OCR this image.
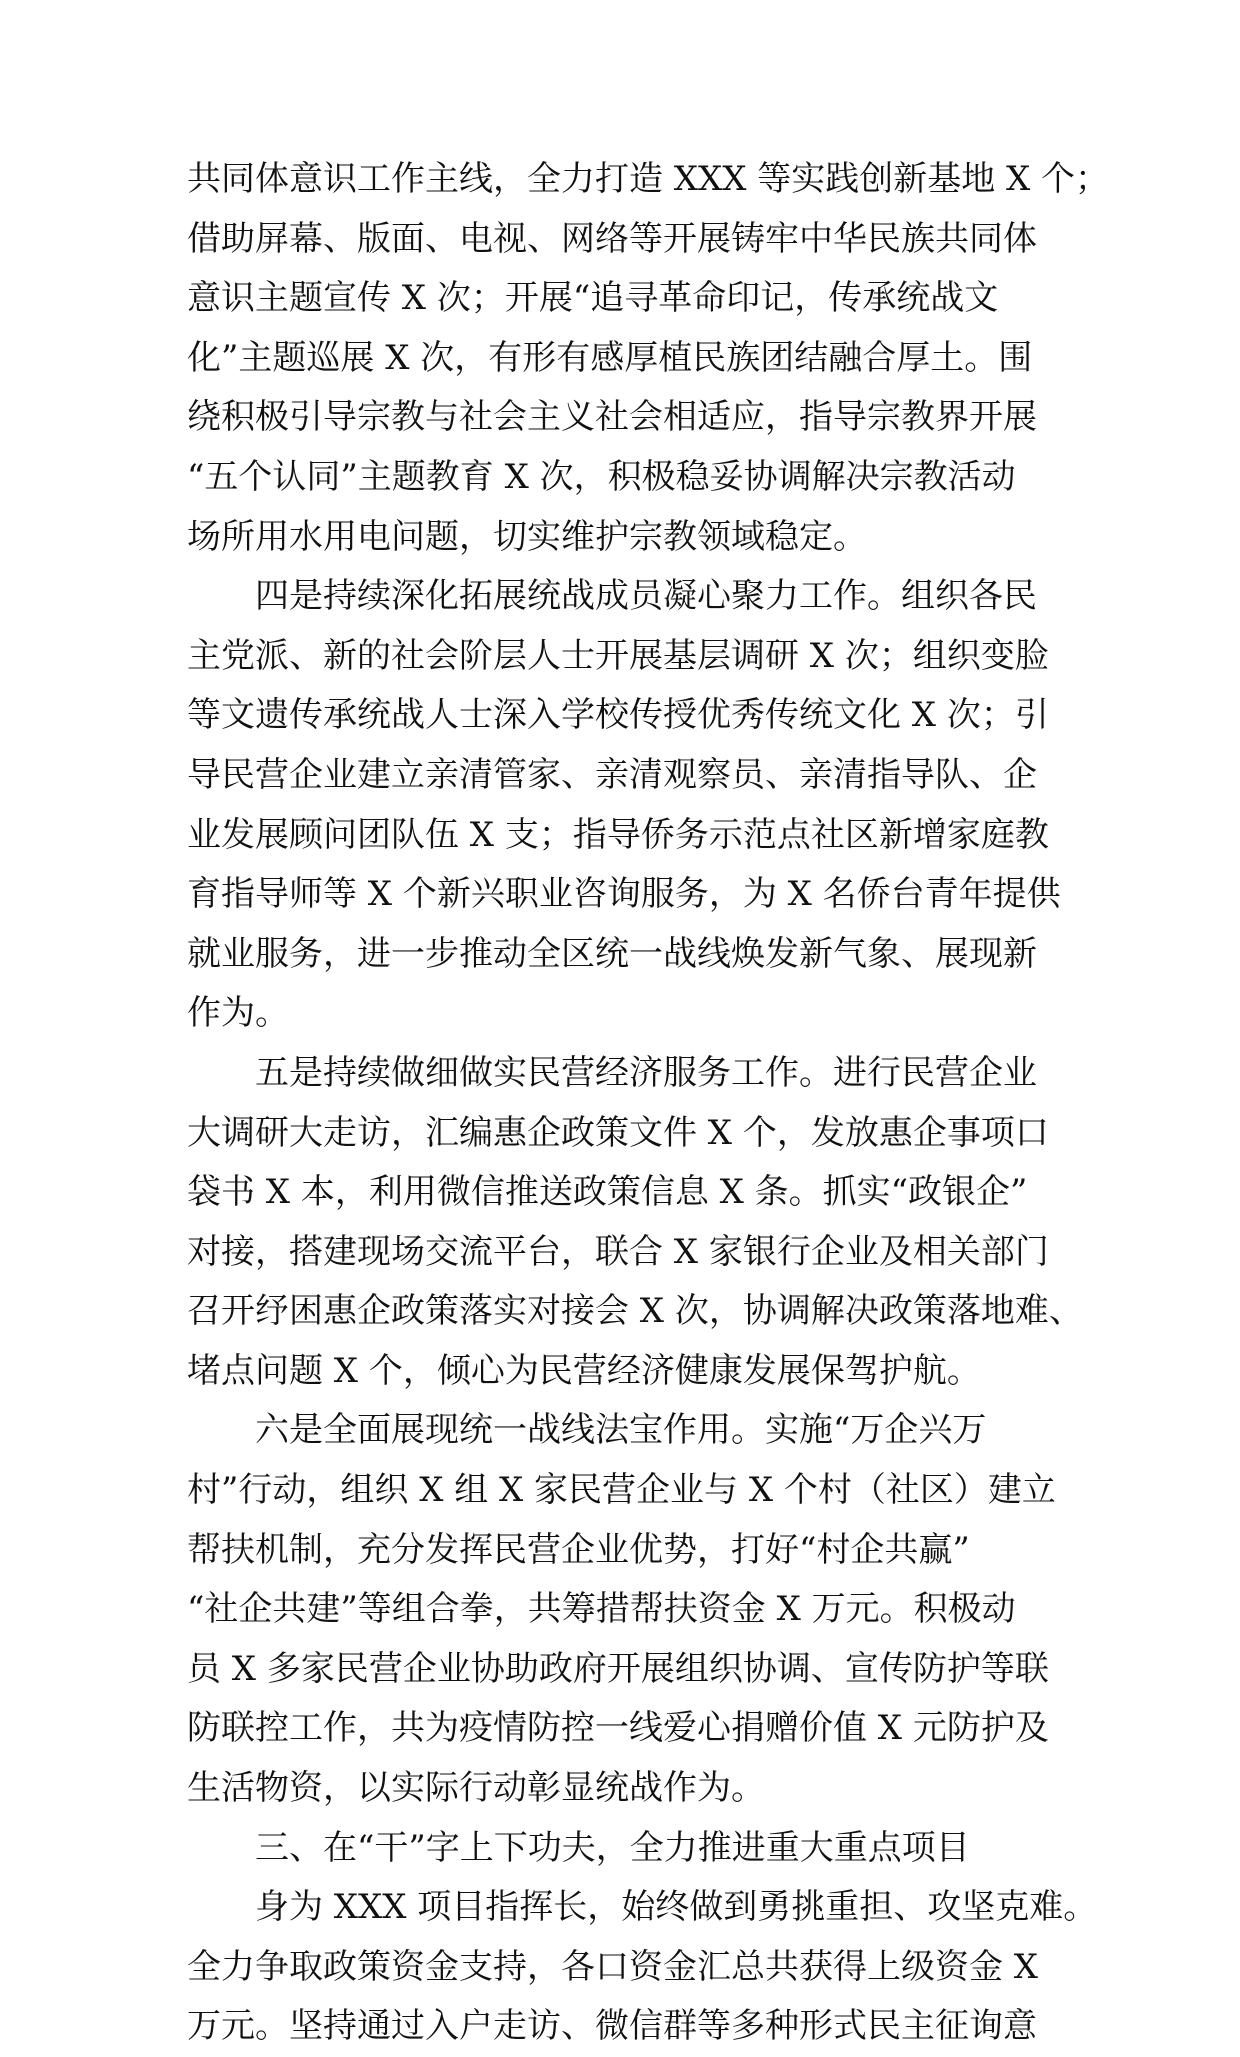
共同体意识工作主线，全力打造 XXX 等实践创新基地 X 个；
借助屏幕、版面、电视、网络等开展铸牢中华民族共同体
意识主题宣传 X 次；开展“追寻革命印记，传承统战文
化”主题巡展 X 次，有形有感厚植民族团结融合厚土。围
绕积极引导宗教与社会主义社会相适应，指导宗教界开展
“五个认同”主题教育 X 次，积极稳妥协调解决宗教活动
场所用水用电问题，切实维护宗教领域稳定。
四是持续深化拓展统战成员凝心聚力工作。组织各民
主党派、新的社会阶层人士开展基层调研 X 次；组织变脸
等文遗传承统战人士深入学校传授优秀传统文化 X 次；引
导民营企业建立亲清管家、亲清观察员、亲清指导队、企
业发展顾问团队伍 X 支；指导侨务示范点社区新增家庭教
育指导师等 X 个新兴职业咨询服务，为 X 名侨台青年提供
就业服务，进一步推动全区统一战线焕发新气象、展现新
作为。
五是持续做细做实民营经济服务工作。进行民营企业
大调研大走访，汇编惠企政策文件 X 个，发放惠企事项口
袋书 X 本，利用微信推送政策信息 X 条。抓实“政银企”
对接，搭建现场交流平台，联合 X 家银行企业及相关部门
召开纾困惠企政策落实对接会 X 次，协调解决政策落地难、
堵点问题 X 个，倾心为民营经济健康发展保驾护航。
六是全面展现统一战线法宝作用。实施“万企兴万
村”行动，组织 X 组 X 家民营企业与 X 个村（社区）建立
帮扶机制，充分发挥民营企业优势，打好“村企共赢”
“社企共建”等组合拳，共筹措帮扶资金 X 万元。积极动
员 X 多家民营企业协助政府开展组织协调、宣传防护等联
防联控工作，共为疫情防控一线爱心捐赠价值 X 元防护及
生活物资，以实际行动彰显统战作为。
三、在“干”字上下功夫，全力推进重大重点项目
身为 XXX 项目指挥长，始终做到勇挑重担、攻坚克难。
全力争取政策资金支持，各口资金汇总共获得上级资金 X
万元。坚持通过入户走访、微信群等多种形式民主征询意
